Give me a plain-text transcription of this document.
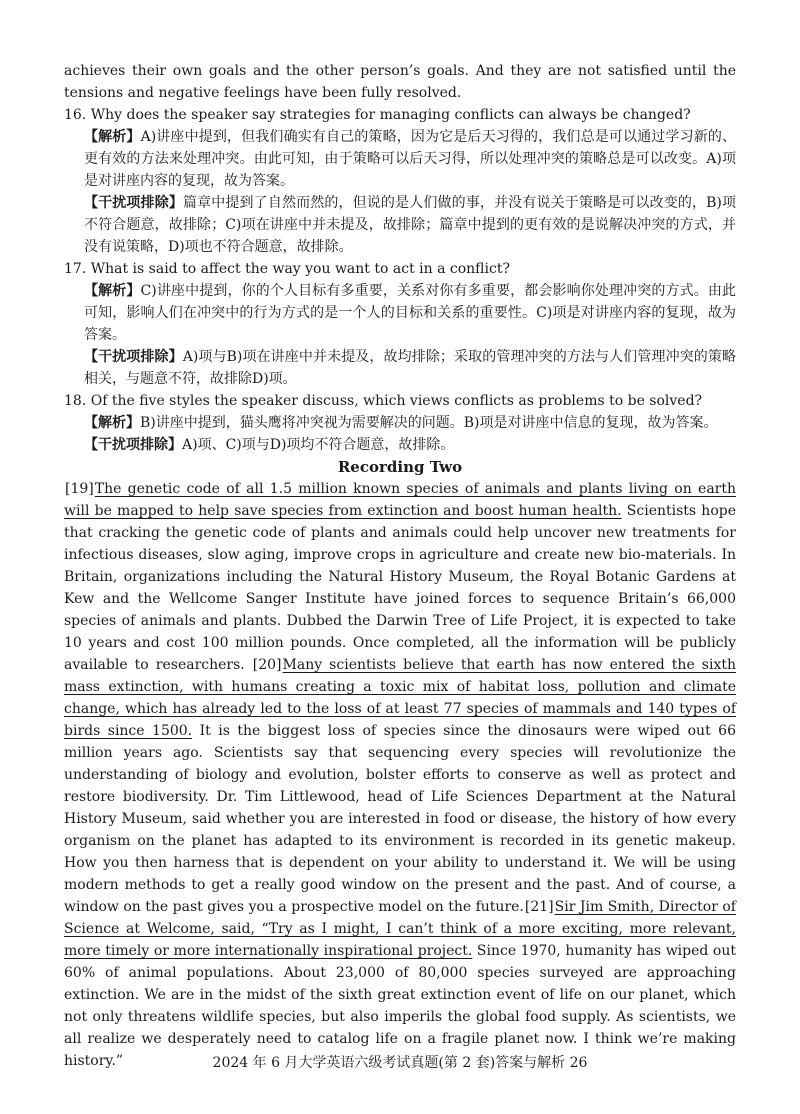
achieves their own goals and the other person’s goals. And they are not satisfied until the tensions and negative feelings have been fully resolved.

16. Why does the speaker say strategies for managing conflicts can always be changed?

【解析】A)讲座中提到，但我们确实有自己的策略，因为它是后天习得的，我们总是可以通过学习新的、更有效的方法来处理冲突。由此可知，由于策略可以后天习得，所以处理冲突的策略总是可以改变。A)项是对讲座内容的复现，故为答案。

【干扰项排除】篇章中提到了自然而然的，但说的是人们做的事，并没有说关于策略是可以改变的，B)项不符合题意，故排除；C)项在讲座中并未提及，故排除；篇章中提到的更有效的是说解决冲突的方式，并没有说策略，D)项也不符合题意，故排除。

17. What is said to affect the way you want to act in a conflict?

【解析】C)讲座中提到，你的个人目标有多重要，关系对你有多重要，都会影响你处理冲突的方式。由此可知，影响人们在冲突中的行为方式的是一个人的目标和关系的重要性。C)项是对讲座内容的复现，故为答案。

【干扰项排除】A)项与B)项在讲座中并未提及，故均排除；采取的管理冲突的方法与人们管理冲突的策略相关，与题意不符，故排除D)项。

18. Of the five styles the speaker discuss, which views conflicts as problems to be solved?

【解析】B)讲座中提到，猫头鹰将冲突视为需要解决的问题。B)项是对讲座中信息的复现，故为答案。

【干扰项排除】A)项、C)项与D)项均不符合题意，故排除。

Recording Two

[19]The genetic code of all 1.5 million known species of animals and plants living on earth will be mapped to help save species from extinction and boost human health. Scientists hope that cracking the genetic code of plants and animals could help uncover new treatments for infectious diseases, slow aging, improve crops in agriculture and create new bio-materials. In Britain, organizations including the Natural History Museum, the Royal Botanic Gardens at Kew and the Wellcome Sanger Institute have joined forces to sequence Britain’s 66,000 species of animals and plants. Dubbed the Darwin Tree of Life Project, it is expected to take 10 years and cost 100 million pounds. Once completed, all the information will be publicly available to researchers. [20]Many scientists believe that earth has now entered the sixth mass extinction, with humans creating a toxic mix of habitat loss, pollution and climate change, which has already led to the loss of at least 77 species of mammals and 140 types of birds since 1500. It is the biggest loss of species since the dinosaurs were wiped out 66 million years ago. Scientists say that sequencing every species will revolutionize the understanding of biology and evolution, bolster efforts to conserve as well as protect and restore biodiversity. Dr. Tim Littlewood, head of Life Sciences Department at the Natural History Museum, said whether you are interested in food or disease, the history of how every organism on the planet has adapted to its environment is recorded in its genetic makeup. How you then harness that is dependent on your ability to understand it. We will be using modern methods to get a really good window on the present and the past. And of course, a window on the past gives you a prospective model on the future.[21]Sir Jim Smith, Director of Science at Welcome, said, “Try as I might, I can’t think of a more exciting, more relevant, more timely or more internationally inspirational project. Since 1970, humanity has wiped out 60% of animal populations. About 23,000 of 80,000 species surveyed are approaching extinction. We are in the midst of the sixth great extinction event of life on our planet, which not only threatens wildlife species, but also imperils the global food supply. As scientists, we all realize we desperately need to catalog life on a fragile planet now. I think we’re making history.”	2024 年 6 月大学英语六级考试真题(第 2 套)答案与解析 26
